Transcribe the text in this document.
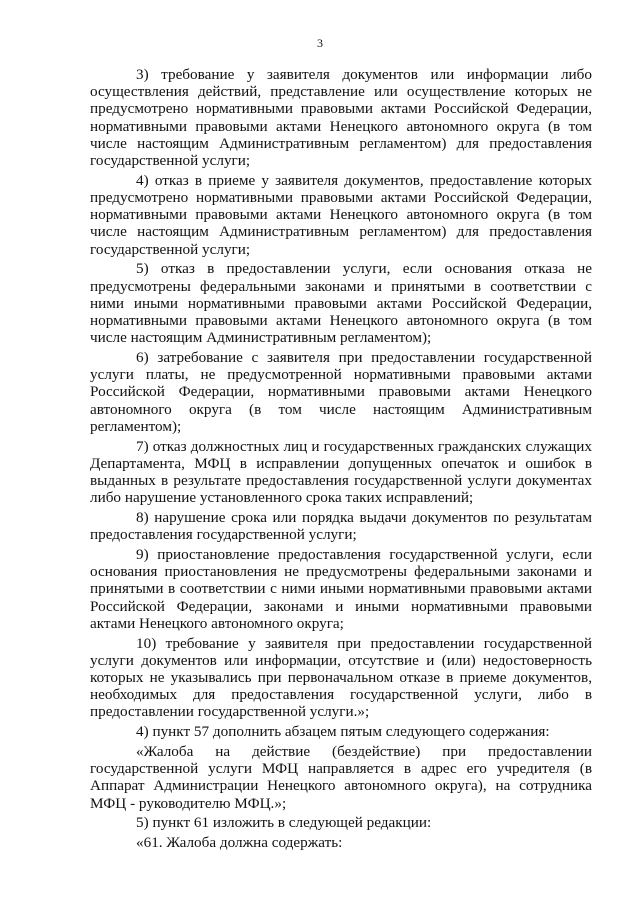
3

3) требование у заявителя документов или информации либо осуществления действий, представление или осуществление которых не предусмотрено нормативными правовыми актами Российской Федерации, нормативными правовыми актами Ненецкого автономного округа (в том числе настоящим Административным регламентом) для предоставления государственной услуги;

4) отказ в приеме у заявителя документов, предоставление которых предусмотрено нормативными правовыми актами Российской Федерации, нормативными правовыми актами Ненецкого автономного округа (в том числе настоящим Административным регламентом) для предоставления государственной услуги;

5) отказ в предоставлении услуги, если основания отказа не предусмотрены федеральными законами и принятыми в соответствии с ними иными нормативными правовыми актами Российской Федерации, нормативными правовыми актами Ненецкого автономного округа (в том числе настоящим Административным регламентом);

6) затребование с заявителя при предоставлении государственной услуги платы, не предусмотренной нормативными правовыми актами Российской Федерации, нормативными правовыми актами Ненецкого автономного округа (в том числе настоящим Административным регламентом);

7) отказ должностных лиц и государственных гражданских служащих Департамента, МФЦ в исправлении допущенных опечаток и ошибок в выданных в результате предоставления государственной услуги документах либо нарушение установленного срока таких исправлений;

8) нарушение срока или порядка выдачи документов по результатам предоставления государственной услуги;

9) приостановление предоставления государственной услуги, если основания приостановления не предусмотрены федеральными законами и принятыми в соответствии с ними иными нормативными правовыми актами Российской Федерации, законами и иными нормативными правовыми актами Ненецкого автономного округа;

10) требование у заявителя при предоставлении государственной услуги документов или информации, отсутствие и (или) недостоверность которых не указывались при первоначальном отказе в приеме документов, необходимых для предоставления государственной услуги, либо в предоставлении государственной услуги.»;

4) пункт 57 дополнить абзацем пятым следующего содержания:

«Жалоба на действие (бездействие) при предоставлении государственной услуги МФЦ направляется в адрес его учредителя (в Аппарат Администрации Ненецкого автономного округа), на сотрудника МФЦ - руководителю МФЦ.»;

5) пункт 61 изложить в следующей редакции:

«61. Жалоба должна содержать:
